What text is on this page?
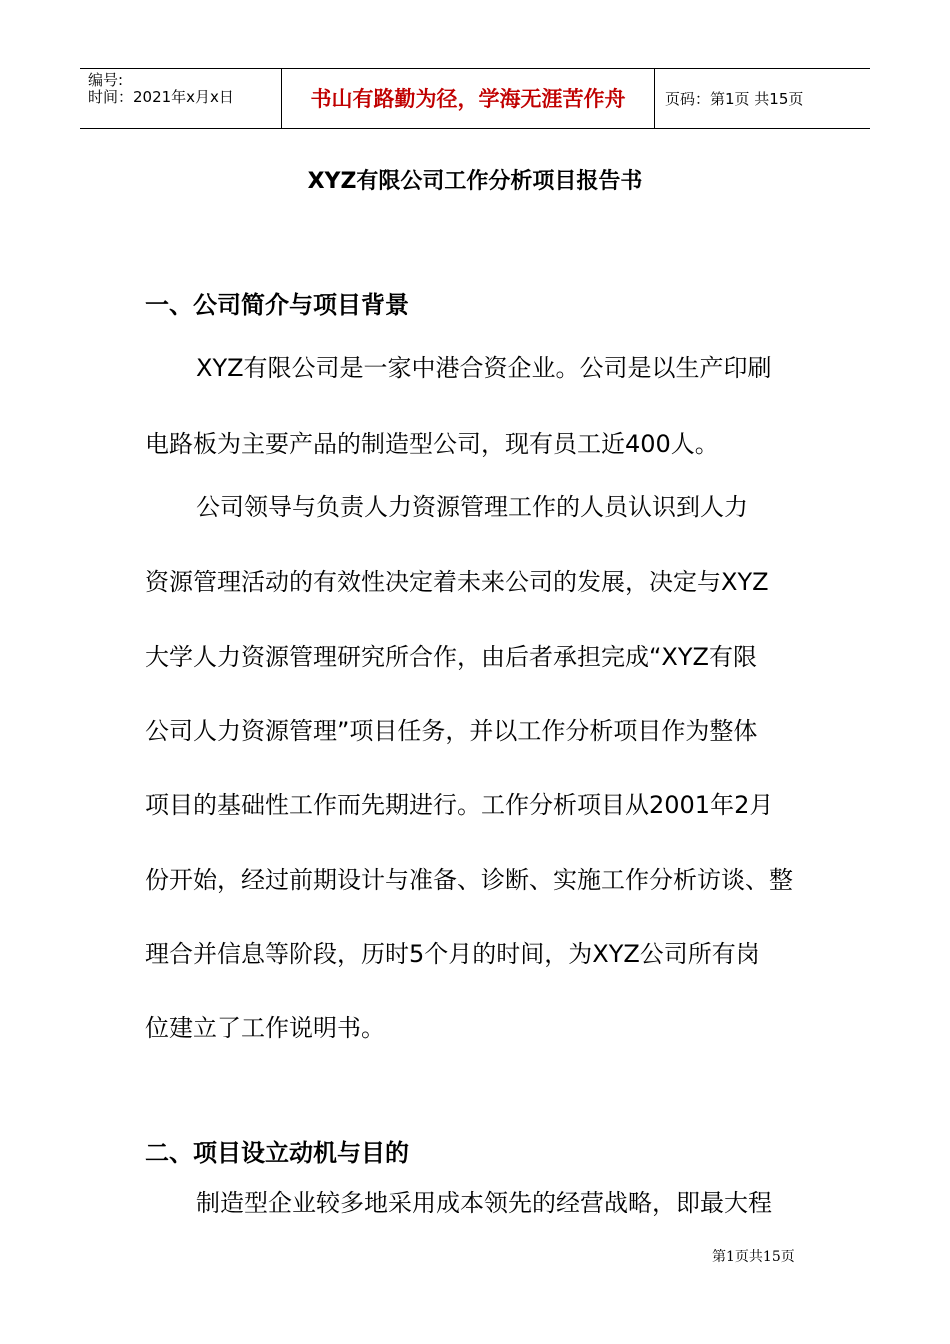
编号:
时间：2021年x月x日	书山有路勤为径，学海无涯苦作舟	页码：第1页 共15页
XYZ有限公司工作分析项目报告书
一、公司简介与项目背景
XYZ有限公司是一家中港合资企业。公司是以生产印刷
电路板为主要产品的制造型公司，现有员工近400人。
公司领导与负责人力资源管理工作的人员认识到人力
资源管理活动的有效性决定着未来公司的发展，决定与XYZ
大学人力资源管理研究所合作，由后者承担完成“XYZ有限
公司人力资源管理”项目任务，并以工作分析项目作为整体
项目的基础性工作而先期进行。工作分析项目从2001年2月
份开始，经过前期设计与准备、诊断、实施工作分析访谈、整
理合并信息等阶段，历时5个月的时间，为XYZ公司所有岗
位建立了工作说明书。
二、项目设立动机与目的
制造型企业较多地采用成本领先的经营战略，即最大程
第1页共15页
